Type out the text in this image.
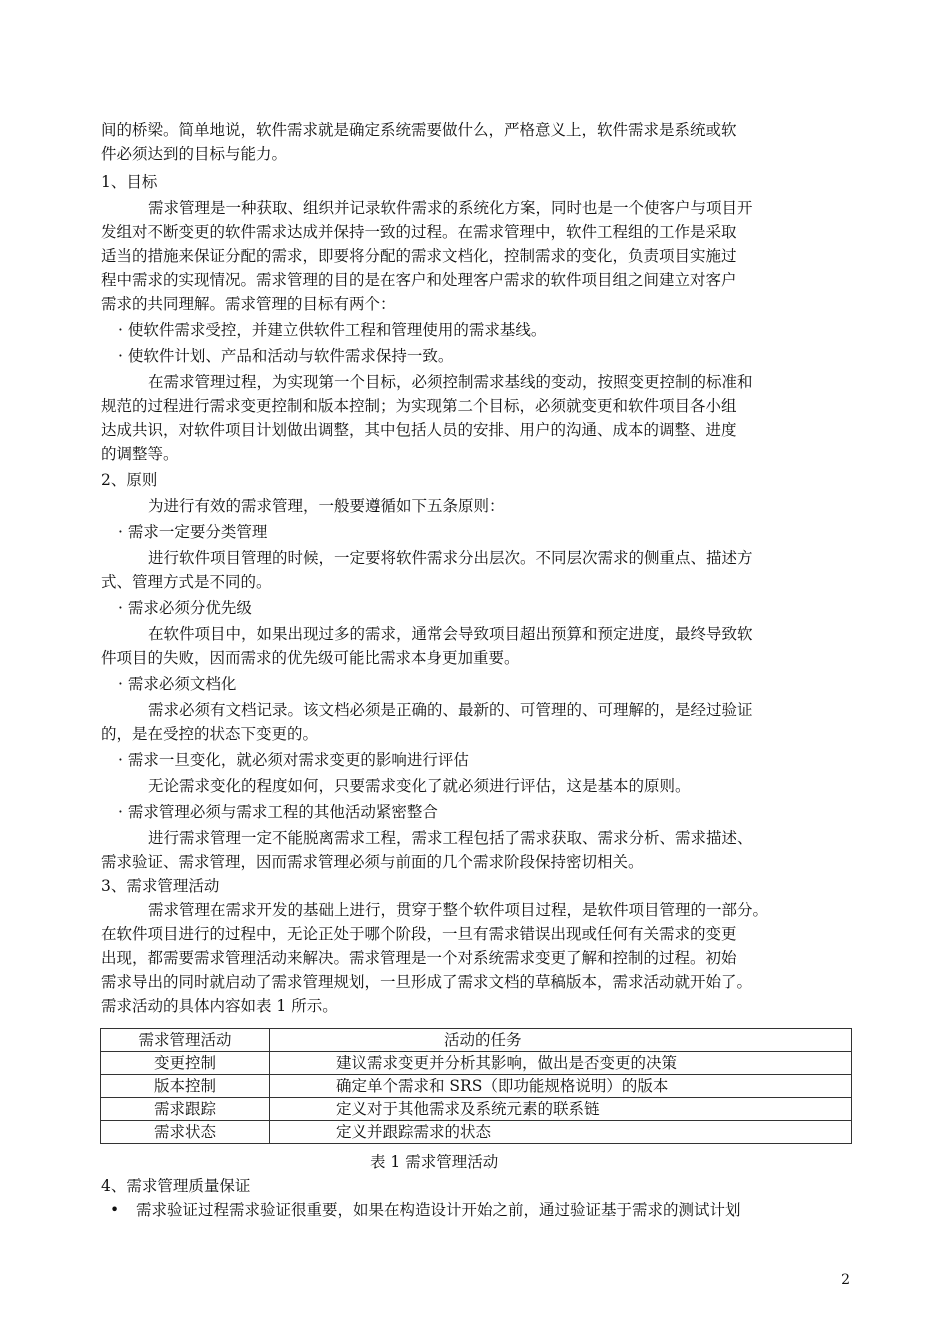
间的桥梁。简单地说，软件需求就是确定系统需要做什么，严格意义上，软件需求是系统或软
件必须达到的目标与能力。
1、目标
需求管理是一种获取、组织并记录软件需求的系统化方案，同时也是一个使客户与项目开
发组对不断变更的软件需求达成并保持一致的过程。在需求管理中，软件工程组的工作是采取
适当的措施来保证分配的需求，即要将分配的需求文档化，控制需求的变化，负责项目实施过
程中需求的实现情况。需求管理的目的是在客户和处理客户需求的软件项目组之间建立对客户
需求的共同理解。需求管理的目标有两个：
· 使软件需求受控，并建立供软件工程和管理使用的需求基线。
· 使软件计划、产品和活动与软件需求保持一致。
在需求管理过程，为实现第一个目标，必须控制需求基线的变动，按照变更控制的标准和
规范的过程进行需求变更控制和版本控制；为实现第二个目标，必须就变更和软件项目各小组
达成共识，对软件项目计划做出调整，其中包括人员的安排、用户的沟通、成本的调整、进度
的调整等。
2、原则
为进行有效的需求管理，一般要遵循如下五条原则：
· 需求一定要分类管理
进行软件项目管理的时候，一定要将软件需求分出层次。不同层次需求的侧重点、描述方
式、管理方式是不同的。
· 需求必须分优先级
在软件项目中，如果出现过多的需求，通常会导致项目超出预算和预定进度，最终导致软
件项目的失败，因而需求的优先级可能比需求本身更加重要。
· 需求必须文档化
需求必须有文档记录。该文档必须是正确的、最新的、可管理的、可理解的，是经过验证
的，是在受控的状态下变更的。
· 需求一旦变化，就必须对需求变更的影响进行评估
无论需求变化的程度如何，只要需求变化了就必须进行评估，这是基本的原则。
· 需求管理必须与需求工程的其他活动紧密整合
进行需求管理一定不能脱离需求工程，需求工程包括了需求获取、需求分析、需求描述、
需求验证、需求管理，因而需求管理必须与前面的几个需求阶段保持密切相关。
3、需求管理活动
需求管理在需求开发的基础上进行，贯穿于整个软件项目过程，是软件项目管理的一部分。
在软件项目进行的过程中，无论正处于哪个阶段，一旦有需求错误出现或任何有关需求的变更
出现，都需要需求管理活动来解决。需求管理是一个对系统需求变更了解和控制的过程。初始
需求导出的同时就启动了需求管理规划，一旦形成了需求文档的草稿版本，需求活动就开始了。
需求活动的具体内容如表 1 所示。
需求管理活动	活动的任务
变更控制	建议需求变更并分析其影响，做出是否变更的决策
版本控制	确定单个需求和 SRS（即功能规格说明）的版本
需求跟踪	定义对于其他需求及系统元素的联系链
需求状态	定义并跟踪需求的状态
表 1 需求管理活动
4、需求管理质量保证
• 需求验证过程需求验证很重要，如果在构造设计开始之前，通过验证基于需求的测试计划
2
